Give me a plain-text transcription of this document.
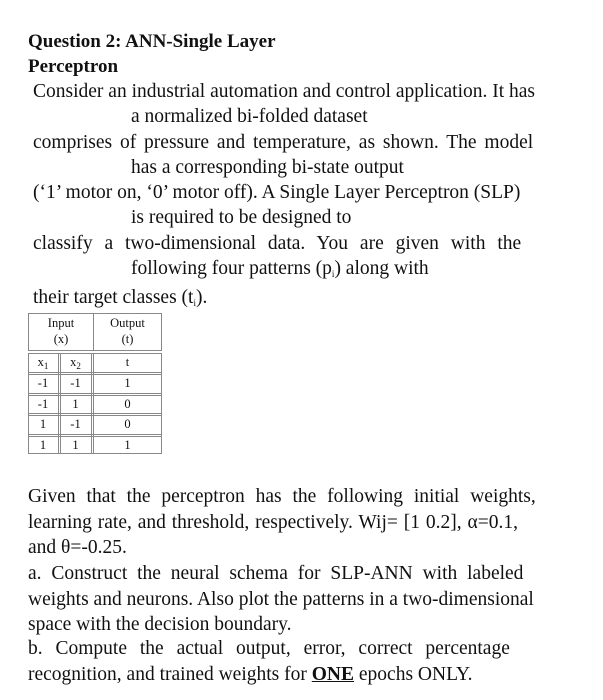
Question 2: ANN-Single Layer
Perceptron
Consider an industrial automation and control application. It has
a normalized bi-folded dataset
comprises of pressure and temperature, as shown. The model
has a corresponding bi-state output
(‘1’ motor on, ‘0’ motor off). A Single Layer Perceptron (SLP)
is required to be designed to
classify a two-dimensional data. You are given with the
following four patterns $(p_i)$ along with
their target classes $(t_i)$.
Input
(x)
Output
(t)
$x_1$	$x_2$	t
-1	-1	1
-1	1	0
1	-1	0
1	1	1
Given that the perceptron has the following initial weights,
learning rate, and threshold, respectively. Wij= [1 0.2], α=0.1,
and θ=-0.25.
a. Construct the neural schema for SLP-ANN with labeled
weights and neurons. Also plot the patterns in a two-dimensional
space with the decision boundary.
b. Compute the actual output, error, correct percentage
recognition, and trained weights for ONE epochs ONLY.
